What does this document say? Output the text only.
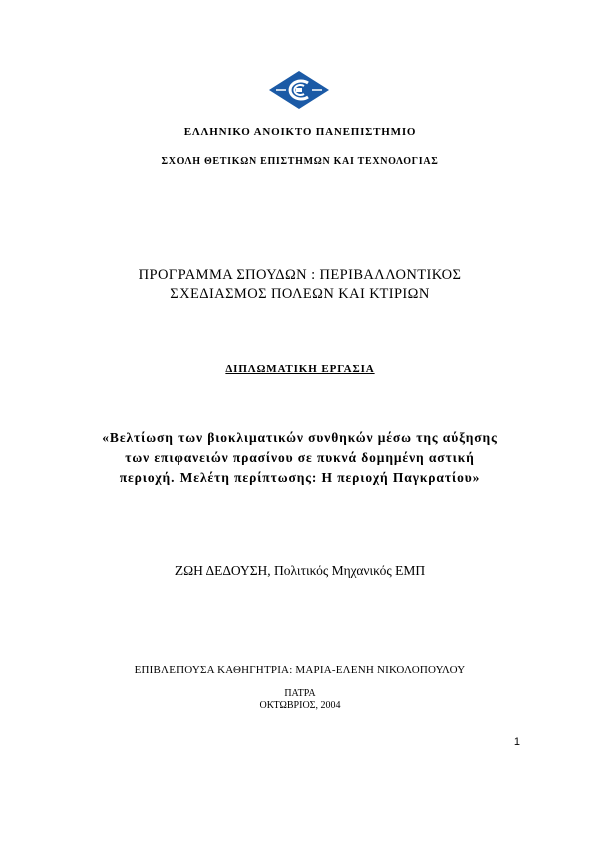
ΕΛΛΗΝΙΚΟ ΑΝΟΙΚΤΟ ΠΑΝΕΠΙΣΤΗΜΙΟ
ΣΧΟΛΗ ΘΕΤΙΚΩΝ ΕΠΙΣΤΗΜΩΝ ΚΑΙ ΤΕΧΝΟΛΟΓΙΑΣ
ΠΡΟΓΡΑΜΜΑ ΣΠΟΥΔΩΝ : ΠΕΡΙΒΑΛΛΟΝΤΙΚΟΣ
ΣΧΕΔΙΑΣΜΟΣ ΠΟΛΕΩΝ ΚΑΙ ΚΤΙΡΙΩΝ
ΔΙΠΛΩΜΑΤΙΚΗ ΕΡΓΑΣΙΑ
«Βελτίωση των βιοκλιματικών συνθηκών μέσω της αύξησης
των επιφανειών πρασίνου σε πυκνά δομημένη αστική
περιοχή. Μελέτη περίπτωσης: Η περιοχή Παγκρατίου»
ΖΩΗ ΔΕΔΟΥΣΗ, Πολιτικός Μηχανικός ΕΜΠ
ΕΠΙΒΛΕΠΟΥΣΑ ΚΑΘΗΓΗΤΡΙΑ: ΜΑΡΙΑ-ΕΛΕΝΗ ΝΙΚΟΛΟΠΟΥΛΟΥ
ΠΑΤΡΑ
ΟΚΤΩΒΡΙΟΣ, 2004
1
